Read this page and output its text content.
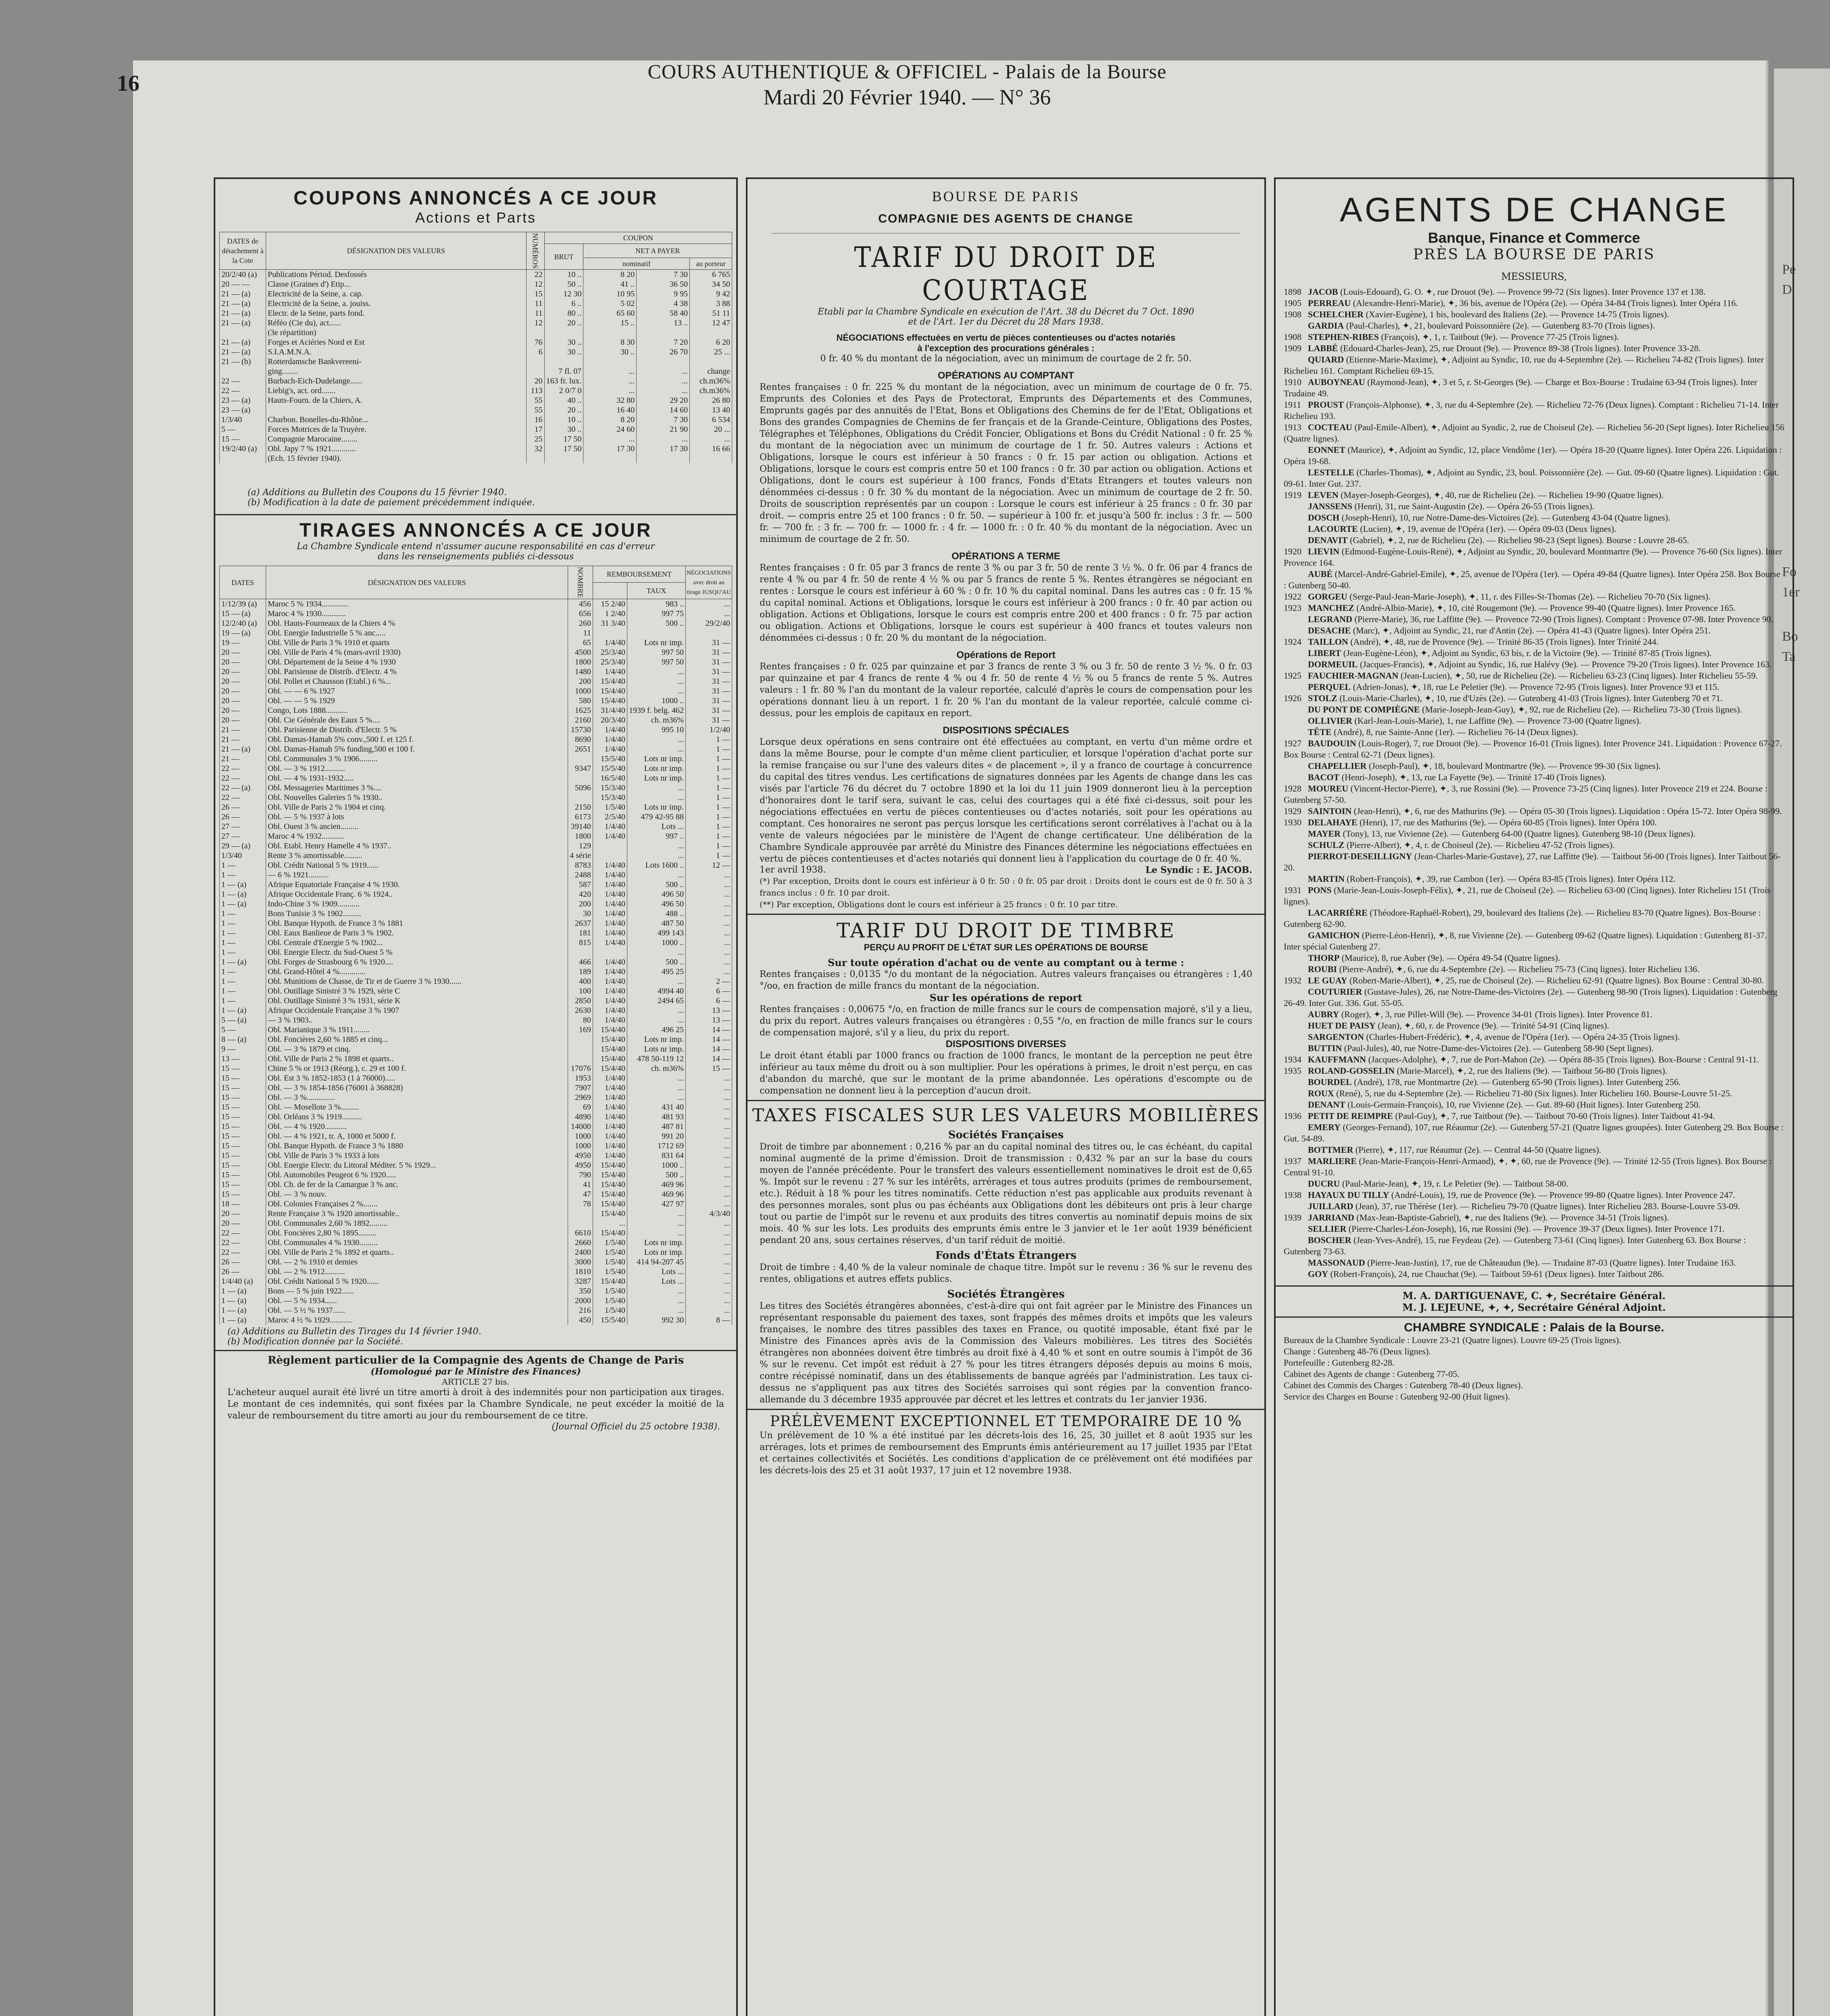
Pe
D
Fo
1er
Bo
Ta
16	COURS AUTHENTIQUE & OFFICIEL - Palais de la Bourse
Mardi 20 Février 1940. — N° 36
COUPONS ANNONCÉS A CE JOUR
Actions et Parts
DATES de détachement à la Cote	DÉSIGNATION DES VALEURS	NUMÉROS	COUPON			
			BRUT	NET A PAYER		
				nominatif		au porteur
20/2/40 (a)	Publications Périod. Desfossés	22	10 ..	8 20	7 30	6 765
20 — —	Classe (Graines d') Etip...	12	50 ..	41 ..	36 50	34 50
21 — (a)	Electricité de la Seine, a. cap.	15	12 30	10 95	9 95	9 42
21 — (a)	Electricité de la Seine, a. jouiss.	11	6 ..	5 02	4 38	3 88
21 — (a)	Electr. de la Seine, parts fond.	11	80 ..	65 60	58 40	51 11
21 — (a)	Réféo (Cie du), act......	12	20 ..	15 ..	13 ..	12 47
	(3e répartition)					
21 — (a)	Forges et Aciéries Nord et Est	76	30 ..	8 30	7 20	6 20
21 — (a)	S.I.A.M.N.A.	6	30 ..	30 ..	26 70	25 ...
21 — (b)	Rotterdamsche Bankvereeni-					
	ging........		7 fl. 07	...	...	change
22 —	Burbach-Eich-Dudelange......	20	163 fr. lux.	...	...	ch.m36%
22 —	Liebig's, act. ord.......	113	2 0/7 0	...	...	ch.m36%
23 — (a)	Hauts-Fourn. de la Chiers, A.	55	40 ..	32 80	29 20	26 80
23 — (a)		55	20 ..	16 40	14 60	13 40
1/3/40	Charbon. Bonelles-du-Rhône...	16	10 ..	8 20	7 30	6 534
5 —	Forces Motrices de la Truyère.	17	30 ..	24 60	21 90	20 ...
15 —	Compagnie Marocaine........	25	17 50	...	...	...
19/2/40 (a)	Obl. Japy 7 % 1921............	32	17 50	17 30	17 30	16 66
	(Ech. 15 février 1940).					
(a) Additions au Bulletin des Coupons du 15 février 1940.
(b) Modification à la date de paiement précédemment indiquée.
TIRAGES ANNONCÉS A CE JOUR
La Chambre Syndicale entend n'assumer aucune responsabilité en cas d'erreur
dans les renseignements publiés ci-dessous
DATES	DÉSIGNATION DES VALEURS	NOMBRE	REMBOURSEMENT		NÉGOCIATIONS avec droit au tirage JUSQU'AU
				TAUX	
1/12/39 (a)	Maroc 5 % 1934.............	456	15 2/40	983 ..	...
15 — (a)	Maroc 4 % 1930............	656	1 2/40	997 75	...
12/2/40 (a)	Obl. Hauts-Fourneaux de la Chiers 4 %	260	31 3/40	500 ..	29/2/40
19 — (a)	Obl. Energie Industrielle 5 % anc.....	11			
19 —	Obl. Ville de Paris 3 % 1910 et quarts	65	1/4/40	Lots nr imp.	31 —
20 —	Obl. Ville de Paris 4 % (mars-avril 1930)	4500	25/3/40	997 50	31 —
20 —	Obl. Département de la Seine 4 % 1930	1800	25/3/40	997 50	31 —
20 —	Obl. Parisienne de Distrib. d'Electr. 4 %	1480	1/4/40	...	31 —
20 —	Obl. Pollet et Chausson (Etabl.) 6 %...	200	15/4/40	...	31 —
20 —	Obl. — — 6 % 1927	1000	15/4/40	...	31 —
20 —	Obl. — — 5 % 1929	580	15/4/40	1000 ..	31 —
20 —	Congo, Lots 1888...........	1625	31/4/40	1939 f. belg. 462	31 —
20 —	Obl. Cie Générale des Eaux 5 %....	2160	20/3/40	ch. m36%	31 —
21 —	Obl. Parisienne de Distrib. d'Electr. 5 %	15730	1/4/40	995 10	1/2/40
21 —	Obl. Damas-Hamah 5% conv.,500 f. et 125 f.	8690	1/4/40	...	1 —
21 — (a)	Obl. Damas-Hamah 5% funding,500 et 100 f.	2651	1/4/40	...	1 —
21 —	Obl. Communales 3 % 1906.........		15/5/40	Lots nr imp.	1 —
22 —	Obl. — 3 % 1912..........	9347	15/5/40	Lots nr imp.	1 —
22 —	Obl. — 4 % 1931-1932.....		16/5/40	Lots nr imp.	1 —
22 — (a)	Obl. Messageries Maritimes 3 %....	5096	15/3/40	...	1 —
22 —	Obl. Nouvelles Galeries 5 % 1930..		15/3/40	...	1 —
26 —	Obl. Ville de Paris 2 % 1904 et cinq.	2150	1/5/40	Lots nr imp.	1 —
26 —	Obl. — 5 % 1937 à lots	6173	2/5/40	479 42-95 88	1 —
27 —	Obl. Ouest 3 % ancien.........	39140	1/4/40	Lots ...	1 —
27 —	Maroc 4 % 1932...........	1800	1/4/40	997 ..	1 —
29 — (a)	Obl. Etabl. Henry Hamelle 4 % 1937..	129		...	1 —
1/3/40	Rente 3 % amortissable.........	4 série		...	1 —
1 —	Obl. Crédit National 5 % 1919......	8783	1/4/40	Lots 1600 ..	12 —
1 —	— 6 % 1921..........	2488	1/4/40	...	...
1 — (a)	Afrique Equatoriale Française 4 % 1930.	587	1/4/40	500 ..	...
1 — (a)	Afrique Occidentale Franç. 6 % 1924..	420	1/4/40	496 50	...
1 — (a)	Indo-Chine 3 % 1909...........	200	1/4/40	496 50	...
1 —	Bons Tunisie 3 % 1902.........	30	1/4/40	488 ..	...
1 —	Obl. Banque Hypoth. de France 3 % 1881	2637	1/4/40	487 50	...
1 —	Obl. Eaux Banlieue de Paris 3 % 1902.	181	1/4/40	499 143	...
1 —	Obl. Centrale d'Energie 5 % 1902...	815	1/4/40	1000 ..	...
1 —	Obl. Energie Electr. du Sud-Ouest 5 %			...	...
1 — (a)	Obl. Forges de Strasbourg 6 % 1920....	466	1/4/40	500 ..	...
1 —	Obl. Grand-Hôtel 4 %.............	189	1/4/40	495 25	...
1 —	Obl. Munitions de Chasse, de Tir et de Guerre 3 % 1930......	400	1/4/40	...	2 —
1 —	Obl. Outillage Sinistré 3 % 1929, série C	100	1/4/40	4994 40	6 —
1 —	Obl. Outillage Sinistré 3 % 1931, série K	2850	1/4/40	2494 65	6 —
1 — (a)	Afrique Occidentale Française 3 % 1907	2630	1/4/40	...	13 —
5 — (a)	— 3 % 1903..	80	1/4/40	...	13 —
5 —	Obl. Marianique 3 % 1911........	169	15/4/40	496 25	14 —
8 — (a)	Obl. Foncières 2,60 % 1885 et cinq...		15/4/40	Lots nr imp.	14 —
9 —	Obl. — 3 % 1879 et cinq.		15/4/40	Lots nr imp.	14 —
13 —	Obl. Ville de Paris 2 % 1898 et quarts..		15/4/40	478 50-119 12	14 —
15 —	Chine 5 % or 1913 (Réorg.), c. 29 et 100 f.	17076	15/4/40	ch. m36%	15 —
15 —	Obl. Est 3 % 1852-1853 (1 à 76000).....	1953	1/4/40	...	...
15 —	Obl. — 3 % 1854-1856 (76001 à 368828)	7907	1/4/40	...	...
15 —	Obl. — 3 %..............	2969	1/4/40	...	...
15 —	Obl. — Mosellote 3 %.........	69	1/4/40	431 40	...
15 —	Obl. Orléans 3 % 1919..........	4890	1/4/40	481 93	...
15 —	Obl. — 4 % 1920...........	14000	1/4/40	487 81	...
15 —	Obl. — 4 % 1921, tr. A, 1000 et 5000 f.	1000	1/4/40	991 20	...
15 —	Obl. Banque Hypoth. de France 3 % 1880	1000	1/4/40	1712 69	...
15 —	Obl. Ville de Paris 3 % 1933 à lots	4950	1/4/40	831 64	...
15 —	Obl. Energie Electr. du Littoral Méditer. 5 % 1929...	4950	15/4/40	1000 ..	...
15 —	Obl. Automobiles Peugeot 6 % 1920.....	790	15/4/40	500 ..	...
15 —	Obl. Ch. de fer de la Camargue 3 % anc.	41	15/4/40	469 96	...
15 —	Obl. — 3 % nouv.	47	15/4/40	469 96	...
18 —	Obl. Colonies Françaises 2 %.......	78	15/4/40	427 97	...
20 —	Rente Française 3 % 1920 amortissable..		15/4/40	...	4/3/40
20 —	Obl. Communales 2,60 % 1892.........		...	...	...
22 —	Obl. Foncières 2,80 % 1895.........	6610	15/4/40	...	...
22 —	Obl. Communales 4 % 1930.........	2660	1/5/40	Lots nr imp.	...
22 —	Obl. Ville de Paris 2 % 1892 et quarts..	2400	1/5/40	Lots nr imp.	...
26 —	Obl. — 2 % 1910 et demies	3000	1/5/40	414 94-207 45	...
26 —	Obl. — 2 % 1912..........	1810	1/5/40	Lots ...	...
1/4/40 (a)	Obl. Crédit National 5 % 1920......	3287	15/4/40	Lots ...	...
1 — (a)	Bons — 5 % juin 1922......	350	1/5/40	...	...
1 — (a)	Obl. — 5 % 1934......	2000	1/5/40	...	...
1 — (a)	Obl. — 5 ½ % 1937......	216	1/5/40	...	...
1 — (a)	Maroc 4 ½ % 1929...........	450	15/5/40	992 30	8 —
(a) Additions au Bulletin des Tirages du 14 février 1940.
(b) Modification donnée par la Société.
Règlement particulier de la Compagnie des Agents de Change de Paris
(Homologué par le Ministre des Finances)
ARTICLE 27 bis.

L'acheteur auquel aurait été livré un titre amorti à droit à des indemnités pour non participation aux tirages. Le montant de ces indemnités, qui sont fixées par la Chambre Syndicale, ne peut excéder la moitié de la valeur de remboursement du titre amorti au jour du remboursement de ce titre.

(Journal Officiel du 25 octobre 1938).
BOURSE DE PARIS
COMPAGNIE DES AGENTS DE CHANGE
TARIF DU DROIT DE COURTAGE
Etabli par la Chambre Syndicale en exécution de l'Art. 38 du Décret du 7 Oct. 1890
et de l'Art. 1er du Décret du 28 Mars 1938.
NÉGOCIATIONS effectuées en vertu de pièces contentieuses ou d'actes notariés
à l'exception des procurations générales :
0 fr. 40 % du montant de la négociation, avec un minimum de courtage de 2 fr. 50.
OPÉRATIONS AU COMPTANT

Rentes françaises : 0 fr. 225 % du montant de la négociation, avec un minimum de courtage de 0 fr. 75. Emprunts des Colonies et des Pays de Protectorat, Emprunts des Départements et des Communes, Emprunts gagés par des annuités de l'Etat, Bons et Obligations des Chemins de fer de l'Etat, Obligations et Bons des grandes Compagnies de Chemins de fer français et de la Grande-Ceinture, Obligations des Postes, Télégraphes et Téléphones, Obligations du Crédit Foncier, Obligations et Bons du Crédit National : 0 fr. 25 % du montant de la négociation avec un minimum de courtage de 1 fr. 50. Autres valeurs : Actions et Obligations, lorsque le cours est inférieur à 50 francs : 0 fr. 15 par action ou obligation. Actions et Obligations, lorsque le cours est compris entre 50 et 100 francs : 0 fr. 30 par action ou obligation. Actions et Obligations, dont le cours est supérieur à 100 francs, Fonds d'Etats Etrangers et toutes valeurs non dénommées ci-dessus : 0 fr. 30 % du montant de la négociation. Avec un minimum de courtage de 2 fr. 50. Droits de souscription représentés par un coupon : Lorsque le cours est inférieur à 25 francs : 0 fr. 30 par droit. — compris entre 25 et 100 francs : 0 fr. 50. — supérieur à 100 fr. et jusqu'à 500 fr. inclus : 3 fr. — 500 fr. — 700 fr. : 3 fr. — 700 fr. — 1000 fr. : 4 fr. — 1000 fr. : 0 fr. 40 % du montant de la négociation. Avec un minimum de courtage de 2 fr. 50.

OPÉRATIONS A TERME

Rentes françaises : 0 fr. 05 par 3 francs de rente 3 % ou par 3 fr. 50 de rente 3 ½ %. 0 fr. 06 par 4 francs de rente 4 % ou par 4 fr. 50 de rente 4 ½ % ou par 5 francs de rente 5 %. Rentes étrangères se négociant en rentes : Lorsque le cours est inférieur à 60 % : 0 fr. 10 % du capital nominal. Dans les autres cas : 0 fr. 15 % du capital nominal. Actions et Obligations, lorsque le cours est inférieur à 200 francs : 0 fr. 40 par action ou obligation. Actions et Obligations, lorsque le cours est compris entre 200 et 400 francs : 0 fr. 75 par action ou obligation. Actions et Obligations, lorsque le cours est supérieur à 400 francs et toutes valeurs non dénommées ci-dessus : 0 fr. 20 % du montant de la négociation.

Opérations de Report

Rentes françaises : 0 fr. 025 par quinzaine et par 3 francs de rente 3 % ou 3 fr. 50 de rente 3 ½ %. 0 fr. 03 par quinzaine et par 4 francs de rente 4 % ou 4 fr. 50 de rente 4 ½ % ou 5 francs de rente 5 %. Autres valeurs : 1 fr. 80 % l'an du montant de la valeur reportée, calculé d'après le cours de compensation pour les opérations donnant lieu à un report. 1 fr. 20 % l'an du montant de la valeur reportée, calculé comme ci-dessus, pour les emplois de capitaux en report.

DISPOSITIONS SPÉCIALES

Lorsque deux opérations en sens contraire ont été effectuées au comptant, en vertu d'un même ordre et dans la même Bourse, pour le compte d'un même client particulier, et lorsque l'opération d'achat porte sur la remise française ou sur l'une des valeurs dites « de placement », il y a franco de courtage à concurrence du capital des titres vendus. Les certifications de signatures données par les Agents de change dans les cas visés par l'article 76 du décret du 7 octobre 1890 et la loi du 11 juin 1909 donneront lieu à la perception d'honoraires dont le tarif sera, suivant le cas, celui des courtages qui a été fixé ci-dessus, soit pour les négociations effectuées en vertu de pièces contentieuses ou d'actes notariés, soit pour les opérations au comptant. Ces honoraires ne seront pas perçus lorsque les certifications seront corrélatives à l'achat ou à la vente de valeurs négociées par le ministère de l'Agent de change certificateur. Une délibération de la Chambre Syndicale approuvée par arrêté du Ministre des Finances détermine les négociations effectuées en vertu de pièces contentieuses et d'actes notariés qui donnent lieu à l'application du courtage de 0 fr. 40 %.

1er avril 1938.	Le Syndic : E. JACOB.

(*) Par exception, Droits dont le cours est inférieur à 0 fr. 50 : 0 fr. 05 par droit : Droits dont le cours est de 0 fr. 50 à 3 francs inclus : 0 fr. 10 par droit.

(**) Par exception, Obligations dont le cours est inférieur à 25 francs : 0 fr. 10 par titre.

TARIF DU DROIT DE TIMBRE
PERÇU AU PROFIT DE L'ÉTAT SUR LES OPÉRATIONS DE BOURSE
Sur toute opération d'achat ou de vente au comptant ou à terme :

Rentes françaises : 0,0135 °/o du montant de la négociation. Autres valeurs françaises ou étrangères : 1,40 °/oo, en fraction de mille francs du montant de la négociation.

Sur les opérations de report

Rentes françaises : 0,00675 °/o, en fraction de mille francs sur le cours de compensation majoré, s'il y a lieu, du prix du report. Autres valeurs françaises ou étrangères : 0,55 °/o, en fraction de mille francs sur le cours de compensation majoré, s'il y a lieu, du prix du report.

DISPOSITIONS DIVERSES

Le droit étant établi par 1000 francs ou fraction de 1000 francs, le montant de la perception ne peut être inférieur au taux même du droit ou à son multiplier. Pour les opérations à primes, le droit n'est perçu, en cas d'abandon du marché, que sur le montant de la prime abandonnée. Les opérations d'escompte ou de compensation ne donnent lieu à la perception d'aucun droit.

TAXES FISCALES SUR LES VALEURS MOBILIÈRES
Sociétés Françaises

Droit de timbre par abonnement : 0,216 % par an du capital nominal des titres ou, le cas échéant, du capital nominal augmenté de la prime d'émission. Droit de transmission : 0,432 % par an sur la base du cours moyen de l'année précédente. Pour le transfert des valeurs essentiellement nominatives le droit est de 0,65 %. Impôt sur le revenu : 27 % sur les intérêts, arrérages et tous autres produits (primes de remboursement, etc.). Réduit à 18 % pour les titres nominatifs. Cette réduction n'est pas applicable aux produits revenant à des personnes morales, sont plus ou pas échéants aux Obligations dont les débiteurs ont pris à leur charge tout ou partie de l'impôt sur le revenu et aux produits des titres convertis au nominatif depuis moins de six mois. 40 % sur les lots. Les produits des emprunts émis entre le 3 janvier et le 1er août 1939 bénéficient pendant 20 ans, sous certaines réserves, d'un tarif réduit de moitié.

Fonds d'États Étrangers

Droit de timbre : 4,40 % de la valeur nominale de chaque titre. Impôt sur le revenu : 36 % sur le revenu des rentes, obligations et autres effets publics.

Sociétés Étrangères

Les titres des Sociétés étrangères abonnées, c'est-à-dire qui ont fait agréer par le Ministre des Finances un représentant responsable du paiement des taxes, sont frappés des mêmes droits et impôts que les valeurs françaises, le nombre des titres passibles des taxes en France, ou quotité imposable, étant fixé par le Ministre des Finances après avis de la Commission des Valeurs mobilières. Les titres des Sociétés étrangères non abonnées doivent être timbrés au droit fixé à 4,40 % et sont en outre soumis à l'impôt de 36 % sur le revenu. Cet impôt est réduit à 27 % pour les titres étrangers déposés depuis au moins 6 mois, contre récépissé nominatif, dans un des établissements de banque agréés par l'administration. Les taux ci-dessus ne s'appliquent pas aux titres des Sociétés sarroises qui sont régies par la convention franco-allemande du 3 décembre 1935 approuvée par décret et les lettres et contrats du 1er janvier 1936.

PRÉLÈVEMENT EXCEPTIONNEL ET TEMPORAIRE DE 10 %

Un prélèvement de 10 % a été institué par les décrets-lois des 16, 25, 30 juillet et 8 août 1935 sur les arrérages, lots et primes de remboursement des Emprunts émis antérieurement au 17 juillet 1935 par l'Etat et certaines collectivités et Sociétés. Les conditions d'application de ce prélèvement ont été modifiées par les décrets-lois des 25 et 31 août 1937, 17 juin et 12 novembre 1938.

AGENTS DE CHANGE
Banque, Finance et Commerce
PRÈS LA BOURSE DE PARIS
MESSIEURS,

1898 JACOB (Louis-Edouard), G. O. ✦, rue Drouot (9e). — Provence 99-72 (Six lignes). Inter Provence 137 et 138.

1905 PERREAU (Alexandre-Henri-Marie), ✦, 36 bis, avenue de l'Opéra (2e). — Opéra 34-84 (Trois lignes). Inter Opéra 116.

1908 SCHELCHER (Xavier-Eugène), 1 bis, boulevard des Italiens (2e). — Provence 14-75 (Trois lignes).

GARDIA (Paul-Charles), ✦, 21, boulevard Poissonnière (2e). — Gutenberg 83-70 (Trois lignes).

1908 STEPHEN-RIBES (François), ✦, 1, r. Taitbout (9e). — Provence 77-25 (Trois lignes).

1909 LABBÉ (Edouard-Charles-Jean), 25, rue Drouot (9e). — Provence 89-38 (Trois lignes). Inter Provence 33-28.

QUIARD (Etienne-Marie-Maxime), ✦, Adjoint au Syndic, 10, rue du 4-Septembre (2e). — Richelieu 74-82 (Trois lignes). Inter Richelieu 161. Comptant Richelieu 69-15.

1910 AUBOYNEAU (Raymond-Jean), ✦, 3 et 5, r. St-Georges (9e). — Charge et Box-Bourse : Trudaine 63-94 (Trois lignes). Inter Trudaine 49.

1911 PROUST (François-Alphonse), ✦, 3, rue du 4-Septembre (2e). — Richelieu 72-76 (Deux lignes). Comptant : Richelieu 71-14. Inter Richelieu 193.

1913 COCTEAU (Paul-Emile-Albert), ✦, Adjoint au Syndic, 2, rue de Choiseul (2e). — Richelieu 56-20 (Sept lignes). Inter Richelieu 156 (Quatre lignes).

EONNET (Maurice), ✦, Adjoint au Syndic, 12, place Vendôme (1er). — Opéra 18-20 (Quatre lignes). Inter Opéra 226. Liquidation : Opéra 19-68.

LESTELLE (Charles-Thomas), ✦, Adjoint au Syndic, 23, boul. Poissonnière (2e). — Gut. 09-60 (Quatre lignes). Liquidation : Gut. 09-61. Inter Gut. 237.

1919 LEVEN (Mayer-Joseph-Georges), ✦, 40, rue de Richelieu (2e). — Richelieu 19-90 (Quatre lignes).

JANSSENS (Henri), 31, rue Saint-Augustin (2e). — Opéra 26-55 (Trois lignes).

DOSCH (Joseph-Henri), 10, rue Notre-Dame-des-Victoires (2e). — Gutenberg 43-04 (Quatre lignes).

LACOURTE (Lucien), ✦, 19, avenue de l'Opéra (1er). — Opéra 09-03 (Deux lignes).

DENAVIT (Gabriel), ✦, 2, rue de Richelieu (2e). — Richelieu 98-23 (Sept lignes). Bourse : Louvre 28-65.

1920 LIEVIN (Edmond-Eugène-Louis-René), ✦, Adjoint au Syndic, 20, boulevard Montmartre (9e). — Provence 76-60 (Six lignes). Inter Provence 164.

AUBÉ (Marcel-André-Gabriel-Emile), ✦, 25, avenue de l'Opéra (1er). — Opéra 49-84 (Quatre lignes). Inter Opéra 258. Box Bourse : Gutenberg 50-40.

1922 GORGEU (Serge-Paul-Jean-Marie-Joseph), ✦, 11, r. des Filles-St-Thomas (2e). — Richelieu 70-70 (Six lignes).

1923 MANCHEZ (André-Albin-Marie), ✦, 10, cité Rougemont (9e). — Provence 99-40 (Quatre lignes). Inter Provence 165.

LEGRAND (Pierre-Marie), 36, rue Laffitte (9e). — Provence 72-90 (Trois lignes). Comptant : Provence 07-98. Inter Provence 90.

DESACHE (Marc), ✦, Adjoint au Syndic, 21, rue d'Antin (2e). — Opéra 41-43 (Quatre lignes). Inter Opéra 251.

1924 TAILLON (André), ✦, 48, rue de Provence (9e). — Trinité 86-35 (Trois lignes). Inter Trinité 244.

LIBERT (Jean-Eugène-Léon), ✦, Adjoint au Syndic, 63 bis, r. de la Victoire (9e). — Trinité 87-85 (Trois lignes).

DORMEUIL (Jacques-Francis), ✦, Adjoint au Syndic, 16, rue Halévy (9e). — Provence 79-20 (Trois lignes). Inter Provence 163.

1925 FAUCHIER-MAGNAN (Jean-Lucien), ✦, 50, rue de Richelieu (2e). — Richelieu 63-23 (Cinq lignes). Inter Richelieu 55-59.

PERQUEL (Adrien-Jonas), ✦, 18, rue Le Peletier (9e). — Provence 72-95 (Trois lignes). Inter Provence 93 et 115.

1926 STOLZ (Louis-Marie-Charles), ✦, 10, rue d'Uzès (2e). — Gutenberg 41-03 (Trois lignes). Inter Gutenberg 70 et 71.

DU PONT DE COMPIÈGNE (Marie-Joseph-Jean-Guy), ✦, 92, rue de Richelieu (2e). — Richelieu 73-30 (Trois lignes).

OLLIVIER (Karl-Jean-Louis-Marie), 1, rue Laffitte (9e). — Provence 73-00 (Quatre lignes).

TÊTE (André), 8, rue Sainte-Anne (1er). — Richelieu 76-14 (Deux lignes).

1927 BAUDOUIN (Louis-Roger), 7, rue Drouot (9e). — Provence 16-01 (Trois lignes). Inter Provence 241. Liquidation : Provence 67-27. Box Bourse : Central 62-71 (Deux lignes).

CHAPELLIER (Joseph-Paul), ✦, 18, boulevard Montmartre (9e). — Provence 99-30 (Six lignes).

BACOT (Henri-Joseph), ✦, 13, rue La Fayette (9e). — Trinité 17-40 (Trois lignes).

1928 MOUREU (Vincent-Hector-Pierre), ✦, 3, rue Rossini (9e). — Provence 73-25 (Cinq lignes). Inter Provence 219 et 224. Bourse : Gutenberg 57-50.

1929 SAINTOIN (Jean-Henri), ✦, 6, rue des Mathurins (9e). — Opéra 05-30 (Trois lignes). Liquidation : Opéra 15-72. Inter Opéra 98-99.

1930 DELAHAYE (Henri), 17, rue des Mathurins (9e). — Opéra 60-85 (Trois lignes). Inter Opéra 100.

MAYER (Tony), 13, rue Vivienne (2e). — Gutenberg 64-00 (Quatre lignes). Gutenberg 98-10 (Deux lignes).

SCHULZ (Pierre-Albert), ✦, 4, r. de Choiseul (2e). — Richelieu 47-52 (Trois lignes).

PIERROT-DESEILLIGNY (Jean-Charles-Marie-Gustave), 27, rue Laffitte (9e). — Taitbout 56-00 (Trois lignes). Inter Taitbout 56-20.

MARTIN (Robert-François), ✦, 39, rue Cambon (1er). — Opéra 83-85 (Trois lignes). Inter Opéra 112.

1931 PONS (Marie-Jean-Louis-Joseph-Félix), ✦, 21, rue de Choiseul (2e). — Richelieu 63-00 (Cinq lignes). Inter Richelieu 151 (Trois lignes).

LACARRIÈRE (Théodore-Raphaël-Robert), 29, boulevard des Italiens (2e). — Richelieu 83-70 (Quatre lignes). Box-Bourse : Gutenberg 62-90.

GAMICHON (Pierre-Léon-Henri), ✦, 8, rue Vivienne (2e). — Gutenberg 09-62 (Quatre lignes). Liquidation : Gutenberg 81-37. Inter spécial Gutenberg 27.

THORP (Maurice), 8, rue Auber (9e). — Opéra 49-54 (Quatre lignes).

ROUBI (Pierre-André), ✦, 6, rue du 4-Septembre (2e). — Richelieu 75-73 (Cinq lignes). Inter Richelieu 136.

1932 LE GUAY (Robert-Marie-Albert), ✦, 25, rue de Choiseul (2e). — Richelieu 62-91 (Quatre lignes). Box Bourse : Central 30-80.

COUTURIER (Gustave-Jules), 26, rue Notre-Dame-des-Victoires (2e). — Gutenberg 98-90 (Trois lignes). Liquidation : Gutenberg 26-49. Inter Gut. 336. Gut. 55-05.

AUBRY (Roger), ✦, 3, rue Pillet-Will (9e). — Provence 34-01 (Trois lignes). Inter Provence 81.

HUET DE PAISY (Jean), ✦, 60, r. de Provence (9e). — Trinité 54-91 (Cinq lignes).

SARGENTON (Charles-Hubert-Frédéric), ✦, 4, avenue de l'Opéra (1er). — Opéra 24-35 (Trois lignes).

BUTTIN (Paul-Jules), 40, rue Notre-Dame-des-Victoires (2e). — Gutenberg 58-90 (Sept lignes).

1934 KAUFFMANN (Jacques-Adolphe), ✦, 7, rue de Port-Mahon (2e). — Opéra 88-35 (Trois lignes). Box-Bourse : Central 91-11.

1935 ROLAND-GOSSELIN (Marie-Marcel), ✦, 2, rue des Italiens (9e). — Taitbout 56-80 (Trois lignes).

BOURDEL (André), 178, rue Montmartre (2e). — Gutenberg 65-90 (Trois lignes). Inter Gutenberg 256.

ROUX (René), 5, rue du 4-Septembre (2e). — Richelieu 71-80 (Six lignes). Inter Richelieu 160. Bourse-Louvre 51-25.

DENANT (Louis-Germain-François), 10, rue Vivienne (2e). — Gut. 89-60 (Huit lignes). Inter Gutenberg 250.

1936 PETIT DE REIMPRE (Paul-Guy), ✦, 7, rue Taitbout (9e). — Taitbout 70-60 (Trois lignes). Inter Taitbout 41-94.

EMERY (Georges-Fernand), 107, rue Réaumur (2e). — Gutenberg 57-21 (Quatre lignes groupées). Inter Gutenberg 29. Box Bourse : Gut. 54-89.

BOTTMER (Pierre), ✦, 117, rue Réaumur (2e). — Central 44-50 (Quatre lignes).

1937 MARLIERE (Jean-Marie-François-Henri-Armand), ✦, ✦, 60, rue de Provence (9e). — Trinité 12-55 (Trois lignes). Box Bourse : Central 91-10.

DUCRU (Paul-Marie-Jean), ✦, 19, r. Le Peletier (9e). — Taitbout 58-00.

1938 HAYAUX DU TILLY (André-Louis), 19, rue de Provence (9e). — Provence 99-80 (Quatre lignes). Inter Provence 247.

JUILLARD (Jean), 37, rue Thérèse (1er). — Richelieu 79-70 (Quatre lignes). Inter Richelieu 283. Bourse-Louvre 53-09.

1939 JARRIAND (Max-Jean-Baptiste-Gabriel), ✦, rue des Italiens (9e). — Provence 34-51 (Trois lignes).

SELLIER (Pierre-Charles-Léon-Joseph), 16, rue Rossini (9e). — Provence 39-37 (Deux lignes). Inter Provence 171.

BOSCHER (Jean-Yves-André), 15, rue Feydeau (2e). — Gutenberg 73-61 (Cinq lignes). Inter Gutenberg 63. Box Bourse : Gutenberg 73-63.

MASSONAUD (Pierre-Jean-Justin), 17, rue de Châteaudun (9e). — Trudaine 87-03 (Quatre lignes). Inter Trudaine 163.

GOY (Robert-François), 24, rue Chauchat (9e). — Taitbout 59-61 (Deux lignes). Inter Taitbout 286.

M. A. DARTIGUENAVE, C. ✦, Secrétaire Général.
M. J. LEJEUNE, ✦, ✦, Secrétaire Général Adjoint.
CHAMBRE SYNDICALE : Palais de la Bourse.
Bureaux de la Chambre Syndicale : Louvre 23-21 (Quatre lignes). Louvre 69-25 (Trois lignes).
Change : Gutenberg 48-76 (Deux lignes).
Portefeuille : Gutenberg 82-28.
Cabinet des Agents de change : Gutenberg 77-05.
Cabinet des Commis des Charges : Gutenberg 78-40 (Deux lignes).
Service des Charges en Bourse : Gutenberg 92-00 (Huit lignes).
